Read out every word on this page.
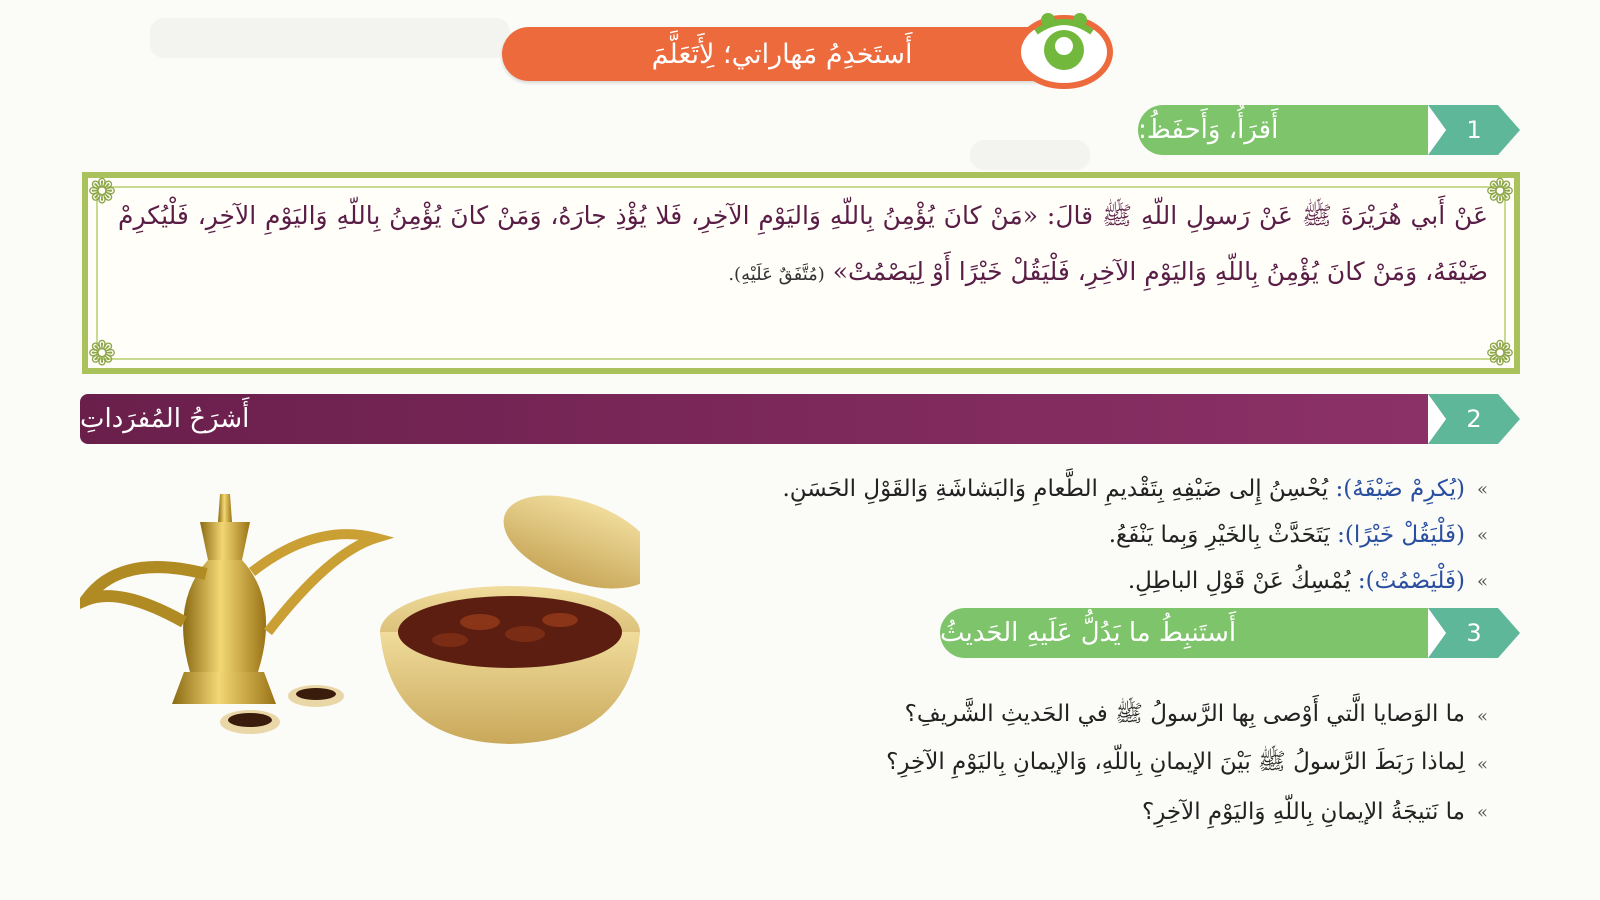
أَستَخدِمُ مَهاراتي؛ لِأَتَعَلَّمَ
أَقرَأُ، وَأَحفَظُ:	1
❁	❁
❁	❁
عَنْ أَبي هُرَيْرَةَ ﷺ عَنْ رَسولِ اللّهِ ﷺ قالَ: «مَنْ كانَ يُؤْمِنُ بِاللّهِ وَاليَوْمِ الآخِرِ، فَلا يُؤْذِ جارَهُ، وَمَنْ كانَ يُؤْمِنُ بِاللّهِ وَاليَوْمِ الآخِرِ، فَلْيُكرِمْ ضَيْفَهُ، وَمَنْ كانَ يُؤْمِنُ بِاللّهِ وَاليَوْمِ الآخِرِ، فَلْيَقُلْ خَيْرًا أَوْ لِيَصْمُتْ» (مُتَّفَقٌ عَلَيْهِ).
أَشرَحُ المُفرَداتِ	2
»
(يُكرِمْ ضَيْفَهُ):

يُحْسِنُ إِلى ضَيْفِهِ بِتَقْديمِ الطَّعامِ وَالبَشاشَةِ وَالقَوْلِ الحَسَنِ.
»
(فَلْيَقُلْ خَيْرًا):

يَتَحَدَّثْ بِالخَيْرِ وَبِما يَنْفَعُ.
»
(فَلْيَصْمُتْ):

يُمْسِكُ عَنْ قَوْلِ الباطِلِ.
أَستَنبِطُ ما يَدُلُّ عَلَيهِ الحَديثُ	3
»
ما الوَصايا الَّتي أَوْصى بِها الرَّسولُ ﷺ في الحَديثِ الشَّريفِ؟
»
لِماذا رَبَطَ الرَّسولُ ﷺ بَيْنَ الإيمانِ بِاللّهِ، وَالإيمانِ بِاليَوْمِ الآخِرِ؟
»
ما نَتيجَةُ الإيمانِ بِاللّهِ وَاليَوْمِ الآخِرِ؟
